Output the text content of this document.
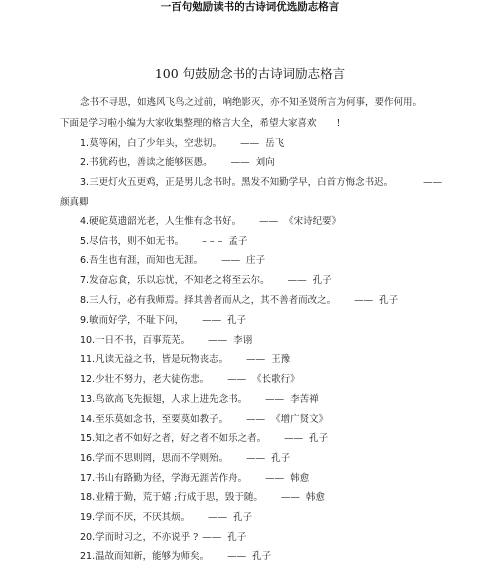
一百句勉励读书的古诗词优选励志格言
100 句鼓励念书的古诗词励志格言
念书不寻思，如逃风飞鸟之过前，响绝影灭，亦不知圣贤所言为何事，要作何用。
下面是学习啦小编为大家收集整理的格言大全，希望大家喜欢 !
1.莫等闲，白了少年头，空悲切。 —— 岳飞
2.书犹药也，善读之能够医愚。 —— 刘向
3.三更灯火五更鸡，正是男儿念书时。黑发不知勤学早，白首方悔念书迟。	——
颜真卿
4.硬砣莫遗韶光老，人生惟有念书好。 —— 《宋诗纪要》
5.尽信书，则不如无书。 – – – 孟子
6.吾生也有涯，而知也无涯。 —— 庄子
7.发奋忘食，乐以忘忧，不知老之将至云尔。 —— 孔子
8.三人行，必有我师焉。择其善者而从之，其不善者而改之。 —— 孔子
9.敏而好学，不耻下问， —— 孔子
10.一日不书，百事荒芜。 —— 李诩
11.凡读无益之书，皆是玩物丧志。 —— 王豫
12.少壮不努力，老大徒伤悲。 —— 《长歌行》
13.鸟欲高飞先振翅，人求上进先念书。 —— 李苦禅
14.至乐莫如念书，至要莫如教子。 —— 《增广贤文》
15.知之者不如好之者，好之者不如乐之者。 —— 孔子
16.学而不思则罔，思而不学则殆。 —— 孔子
17.书山有路勤为径，学海无涯苦作舟。 —— 韩愈
18.业精于勤，荒于嬉 ;行成于思，毁于随。 —— 韩愈
19.学而不厌，不厌其烦。 —— 孔子
20.学而时习之，不亦说乎 ? —— 孔子
21.温故而知新，能够为师矣。 —— 孔子
